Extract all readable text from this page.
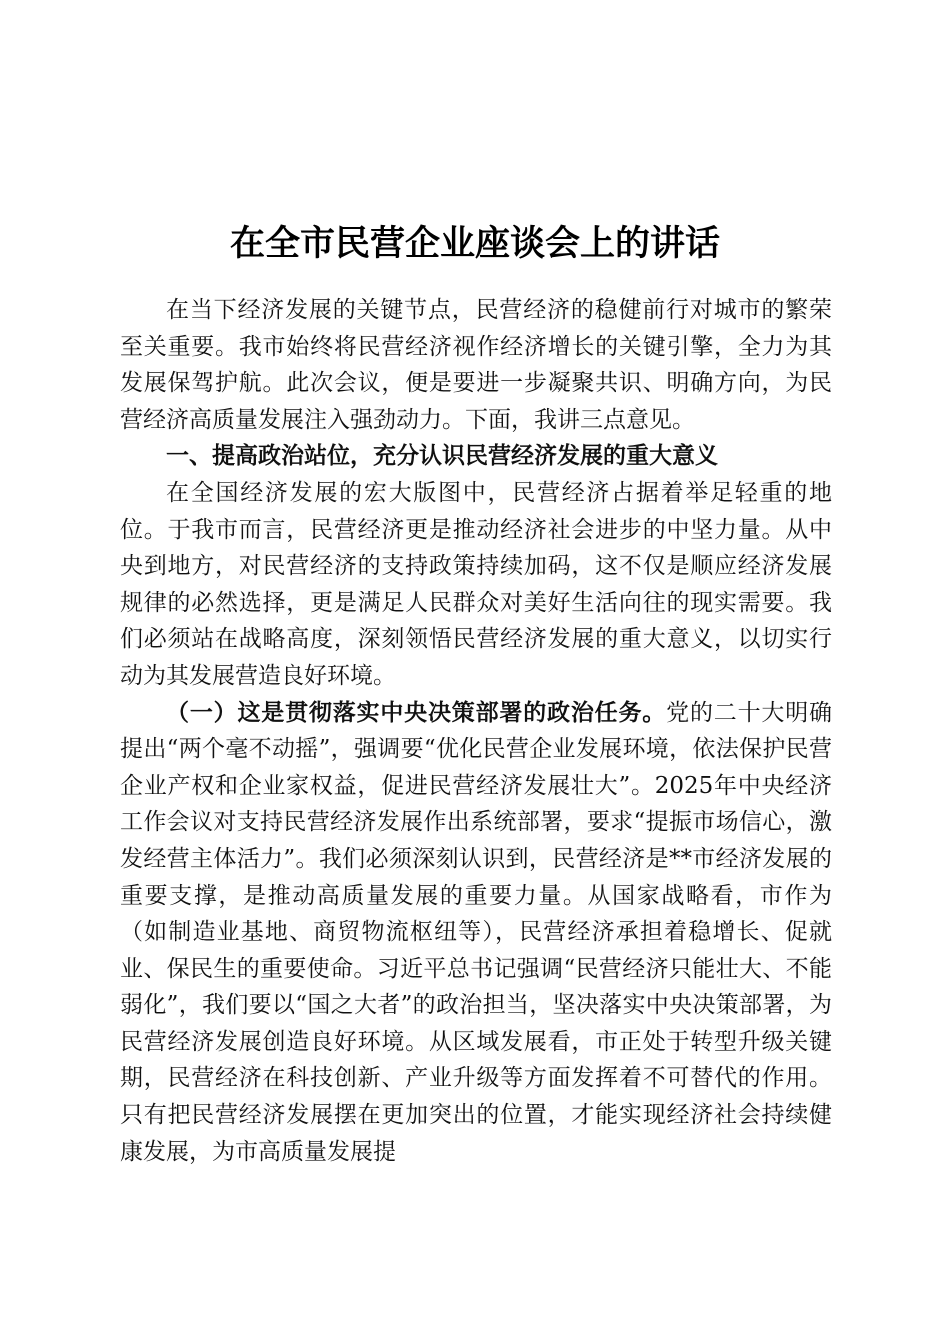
在全市民营企业座谈会上的讲话

在当下经济发展的关键节点，民营经济的稳健前行对城市的繁荣至关重要。我市始终将民营经济视作经济增长的关键引擎，全力为其发展保驾护航。此次会议，便是要进一步凝聚共识、明确方向，为民营经济高质量发展注入强劲动力。下面，我讲三点意见。

一、提高政治站位，充分认识民营经济发展的重大意义

在全国经济发展的宏大版图中，民营经济占据着举足轻重的地位。于我市而言，民营经济更是推动经济社会进步的中坚力量。从中央到地方，对民营经济的支持政策持续加码，这不仅是顺应经济发展规律的必然选择，更是满足人民群众对美好生活向往的现实需要。我们必须站在战略高度，深刻领悟民营经济发展的重大意义，以切实行动为其发展营造良好环境。

（一）这是贯彻落实中央决策部署的政治任务。党的二十大明确提出“两个毫不动摇”，强调要“优化民营企业发展环境，依法保护民营企业产权和企业家权益，促进民营经济发展壮大”。2025年中央经济工作会议对支持民营经济发展作出系统部署，要求“提振市场信心，激发经营主体活力”。我们必须深刻认识到，民营经济是**市经济发展的重要支撑，是推动高质量发展的重要力量。从国家战略看，市作为（如制造业基地、商贸物流枢纽等），民营经济承担着稳增长、促就业、保民生的重要使命。习近平总书记强调“民营经济只能壮大、不能弱化”，我们要以“国之大者”的政治担当，坚决落实中央决策部署，为民营经济发展创造良好环境。从区域发展看，市正处于转型升级关键期，民营经济在科技创新、产业升级等方面发挥着不可替代的作用。只有把民营经济发展摆在更加突出的位置，才能实现经济社会持续健康发展，为市高质量发展提
